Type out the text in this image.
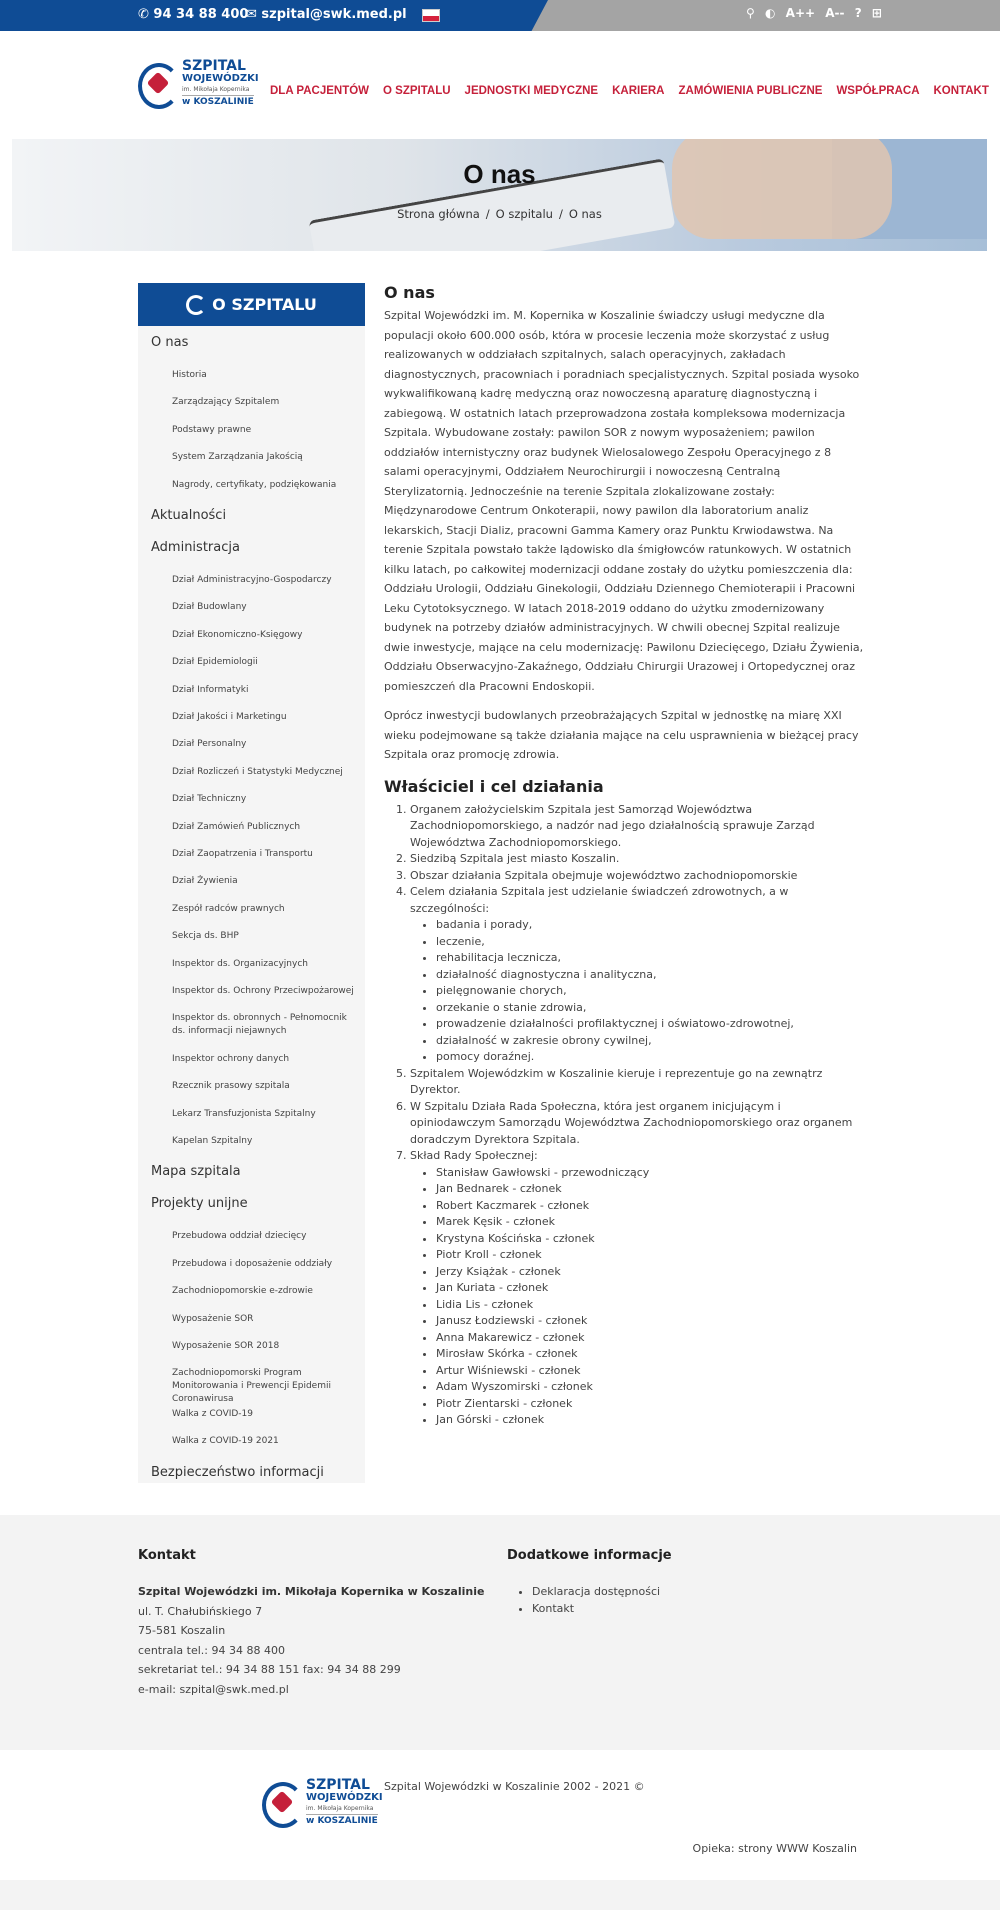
✆ 94 34 88 400
✉ szpital@swk.med.pl	⚲ ◐ A++ A-- ? ⊞
SZPITAL
WOJEWÓDZKI
im. Mikołaja Kopernika
w KOSZALINIE
DLA PACJENTÓW O SZPITALU JEDNOSTKI MEDYCZNE KARIERA ZAMÓWIENIA PUBLICZNE WSPÓŁPRACA KONTAKT
O nas
Strona główna / O szpitalu / O nas
O SZPITALU
O nas
Historia
Zarządzający Szpitalem
Podstawy prawne
System Zarządzania Jakością
Nagrody, certyfikaty, podziękowania
Aktualności
Administracja
Dział Administracyjno-Gospodarczy
Dział Budowlany
Dział Ekonomiczno-Księgowy
Dział Epidemiologii
Dział Informatyki
Dział Jakości i Marketingu
Dział Personalny
Dział Rozliczeń i Statystyki Medycznej
Dział Techniczny
Dział Zamówień Publicznych
Dział Zaopatrzenia i Transportu
Dział Żywienia
Zespół radców prawnych
Sekcja ds. BHP
Inspektor ds. Organizacyjnych
Inspektor ds. Ochrony Przeciwpożarowej
Inspektor ds. obronnych - Pełnomocnik ds. informacji niejawnych
Inspektor ochrony danych
Rzecznik prasowy szpitala
Lekarz Transfuzjonista Szpitalny
Kapelan Szpitalny
Mapa szpitala
Projekty unijne
Przebudowa oddział dziecięcy
Przebudowa i doposażenie oddziały
Zachodniopomorskie e-zdrowie
Wyposażenie SOR
Wyposażenie SOR 2018
Zachodniopomorski Program Monitorowania i Prewencji Epidemii Coronawirusa
Walka z COVID-19
Walka z COVID-19 2021
Bezpieczeństwo informacji
O nas

Szpital Wojewódzki im. M. Kopernika w Koszalinie świadczy usługi medyczne dla populacji około 600.000 osób, która w procesie leczenia może skorzystać z usług realizowanych w oddziałach szpitalnych, salach operacyjnych, zakładach diagnostycznych, pracowniach i poradniach specjalistycznych. Szpital posiada wysoko wykwalifikowaną kadrę medyczną oraz nowoczesną aparaturę diagnostyczną i zabiegową. W ostatnich latach przeprowadzona została kompleksowa modernizacja Szpitala. Wybudowane zostały: pawilon SOR z nowym wyposażeniem; pawilon oddziałów internistyczny oraz budynek Wielosalowego Zespołu Operacyjnego z 8 salami operacyjnymi, Oddziałem Neurochirurgii i nowoczesną Centralną Sterylizatornią. Jednocześnie na terenie Szpitala zlokalizowane zostały: Międzynarodowe Centrum Onkoterapii, nowy pawilon dla laboratorium analiz lekarskich, Stacji Dializ, pracowni Gamma Kamery oraz Punktu Krwiodawstwa. Na terenie Szpitala powstało także lądowisko dla śmigłowców ratunkowych. W ostatnich kilku latach, po całkowitej modernizacji oddane zostały do użytku pomieszczenia dla: Oddziału Urologii, Oddziału Ginekologii, Oddziału Dziennego Chemioterapii i Pracowni Leku Cytotoksycznego. W latach 2018-2019 oddano do użytku zmodernizowany budynek na potrzeby działów administracyjnych. W chwili obecnej Szpital realizuje dwie inwestycje, mające na celu modernizację: Pawilonu Dziecięcego, Działu Żywienia, Oddziału Obserwacyjno-Zakaźnego, Oddziału Chirurgii Urazowej i Ortopedycznej oraz pomieszczeń dla Pracowni Endoskopii.

Oprócz inwestycji budowlanych przeobrażających Szpital w jednostkę na miarę XXI wieku podejmowane są także działania mające na celu usprawnienia w bieżącej pracy Szpitala oraz promocję zdrowia.

Właściciel i cel działania
1. Organem założycielskim Szpitala jest Samorząd Województwa Zachodniopomorskiego, a nadzór nad jego działalnością sprawuje Zarząd Województwa Zachodniopomorskiego.
2. Siedzibą Szpitala jest miasto Koszalin.
3. Obszar działania Szpitala obejmuje województwo zachodniopomorskie
4. Celem działania Szpitala jest udzielanie świadczeń zdrowotnych, a w szczególności:
• badania i porady,
• leczenie,
• rehabilitacja lecznicza,
• działalność diagnostyczna i analityczna,
• pielęgnowanie chorych,
• orzekanie o stanie zdrowia,
• prowadzenie działalności profilaktycznej i oświatowo-zdrowotnej,
• działalność w zakresie obrony cywilnej,
• pomocy doraźnej.
5. Szpitalem Wojewódzkim w Koszalinie kieruje i reprezentuje go na zewnątrz Dyrektor.
6. W Szpitalu Działa Rada Społeczna, która jest organem inicjującym i opiniodawczym Samorządu Województwa Zachodniopomorskiego oraz organem doradczym Dyrektora Szpitala.
7. Skład Rady Społecznej:
• Stanisław Gawłowski - przewodniczący
• Jan Bednarek - członek
• Robert Kaczmarek - członek
• Marek Kęsik - członek
• Krystyna Kościńska - członek
• Piotr Kroll - członek
• Jerzy Książak - członek
• Jan Kuriata - członek
• Lidia Lis - członek
• Janusz Łodziewski - członek
• Anna Makarewicz - członek
• Mirosław Skórka - członek
• Artur Wiśniewski - członek
• Adam Wyszomirski - członek
• Piotr Zientarski - członek
• Jan Górski - członek
Kontakt
Szpital Wojewódzki im. Mikołaja Kopernika w Koszalinie
ul. T. Chałubińskiego 7
75-581 Koszalin
centrala tel.: 94 34 88 400
sekretariat tel.: 94 34 88 151 fax: 94 34 88 299
e-mail: szpital@swk.med.pl
Dodatkowe informacje
• Deklaracja dostępności
• Kontakt
SZPITAL
WOJEWÓDZKI
im. Mikołaja Kopernika
w KOSZALINIE
Szpital Wojewódzki w Koszalinie 2002 - 2021 ©
Opieka: strony WWW Koszalin
